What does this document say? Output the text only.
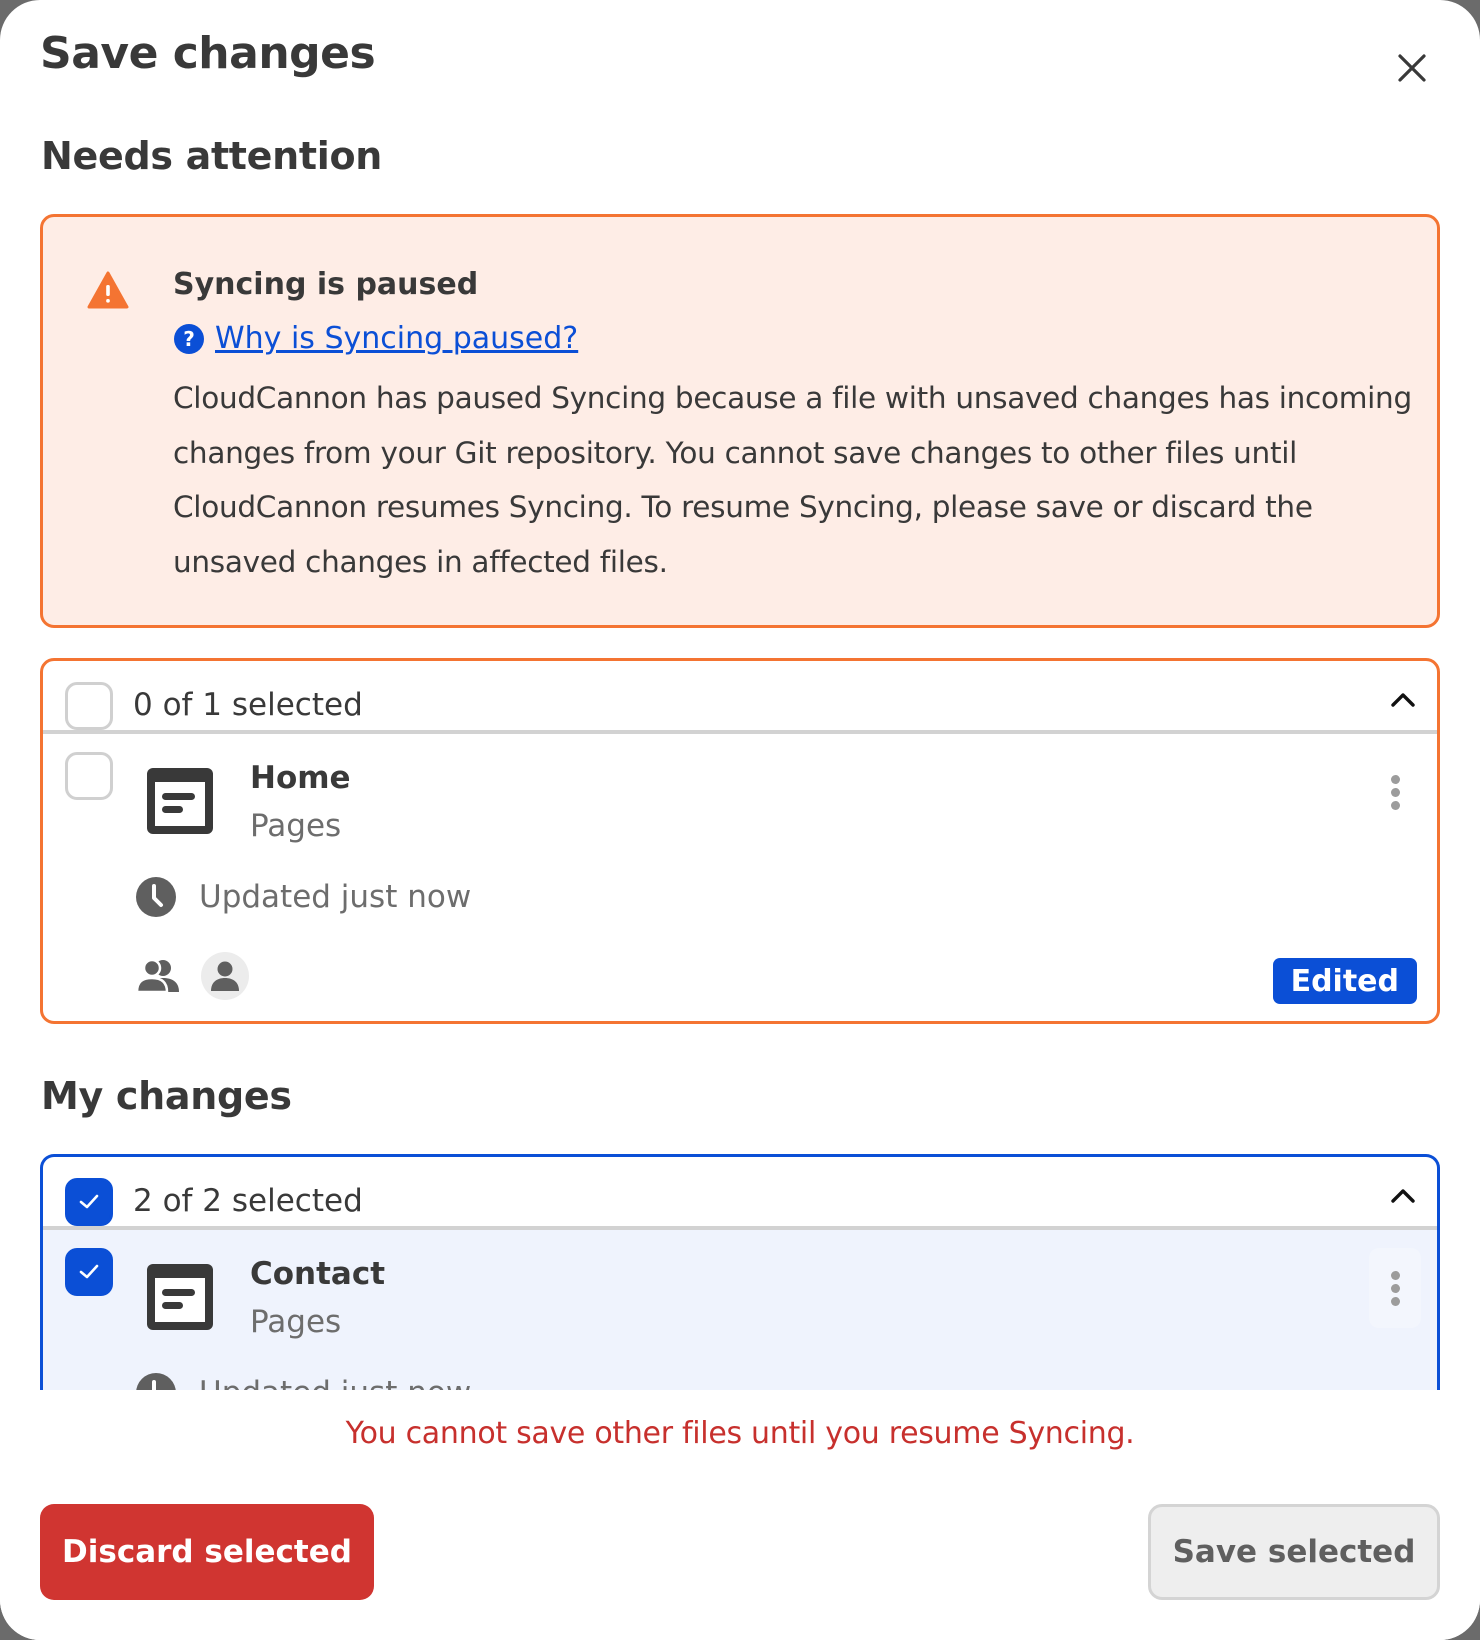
Save changes
Needs attention
Syncing is paused
? Why is Syncing paused?
CloudCannon has paused Syncing because a file with unsaved changes has incoming changes from your Git repository. You cannot save changes to other files until CloudCannon resumes Syncing. To resume Syncing, please save or discard the unsaved changes in affected files.
0 of 1 selected
Home
Pages
Updated just now
Edited
My changes
2 of 2 selected
Contact
Pages
You cannot save other files until you resume Syncing.
Discard selected	Save selected
